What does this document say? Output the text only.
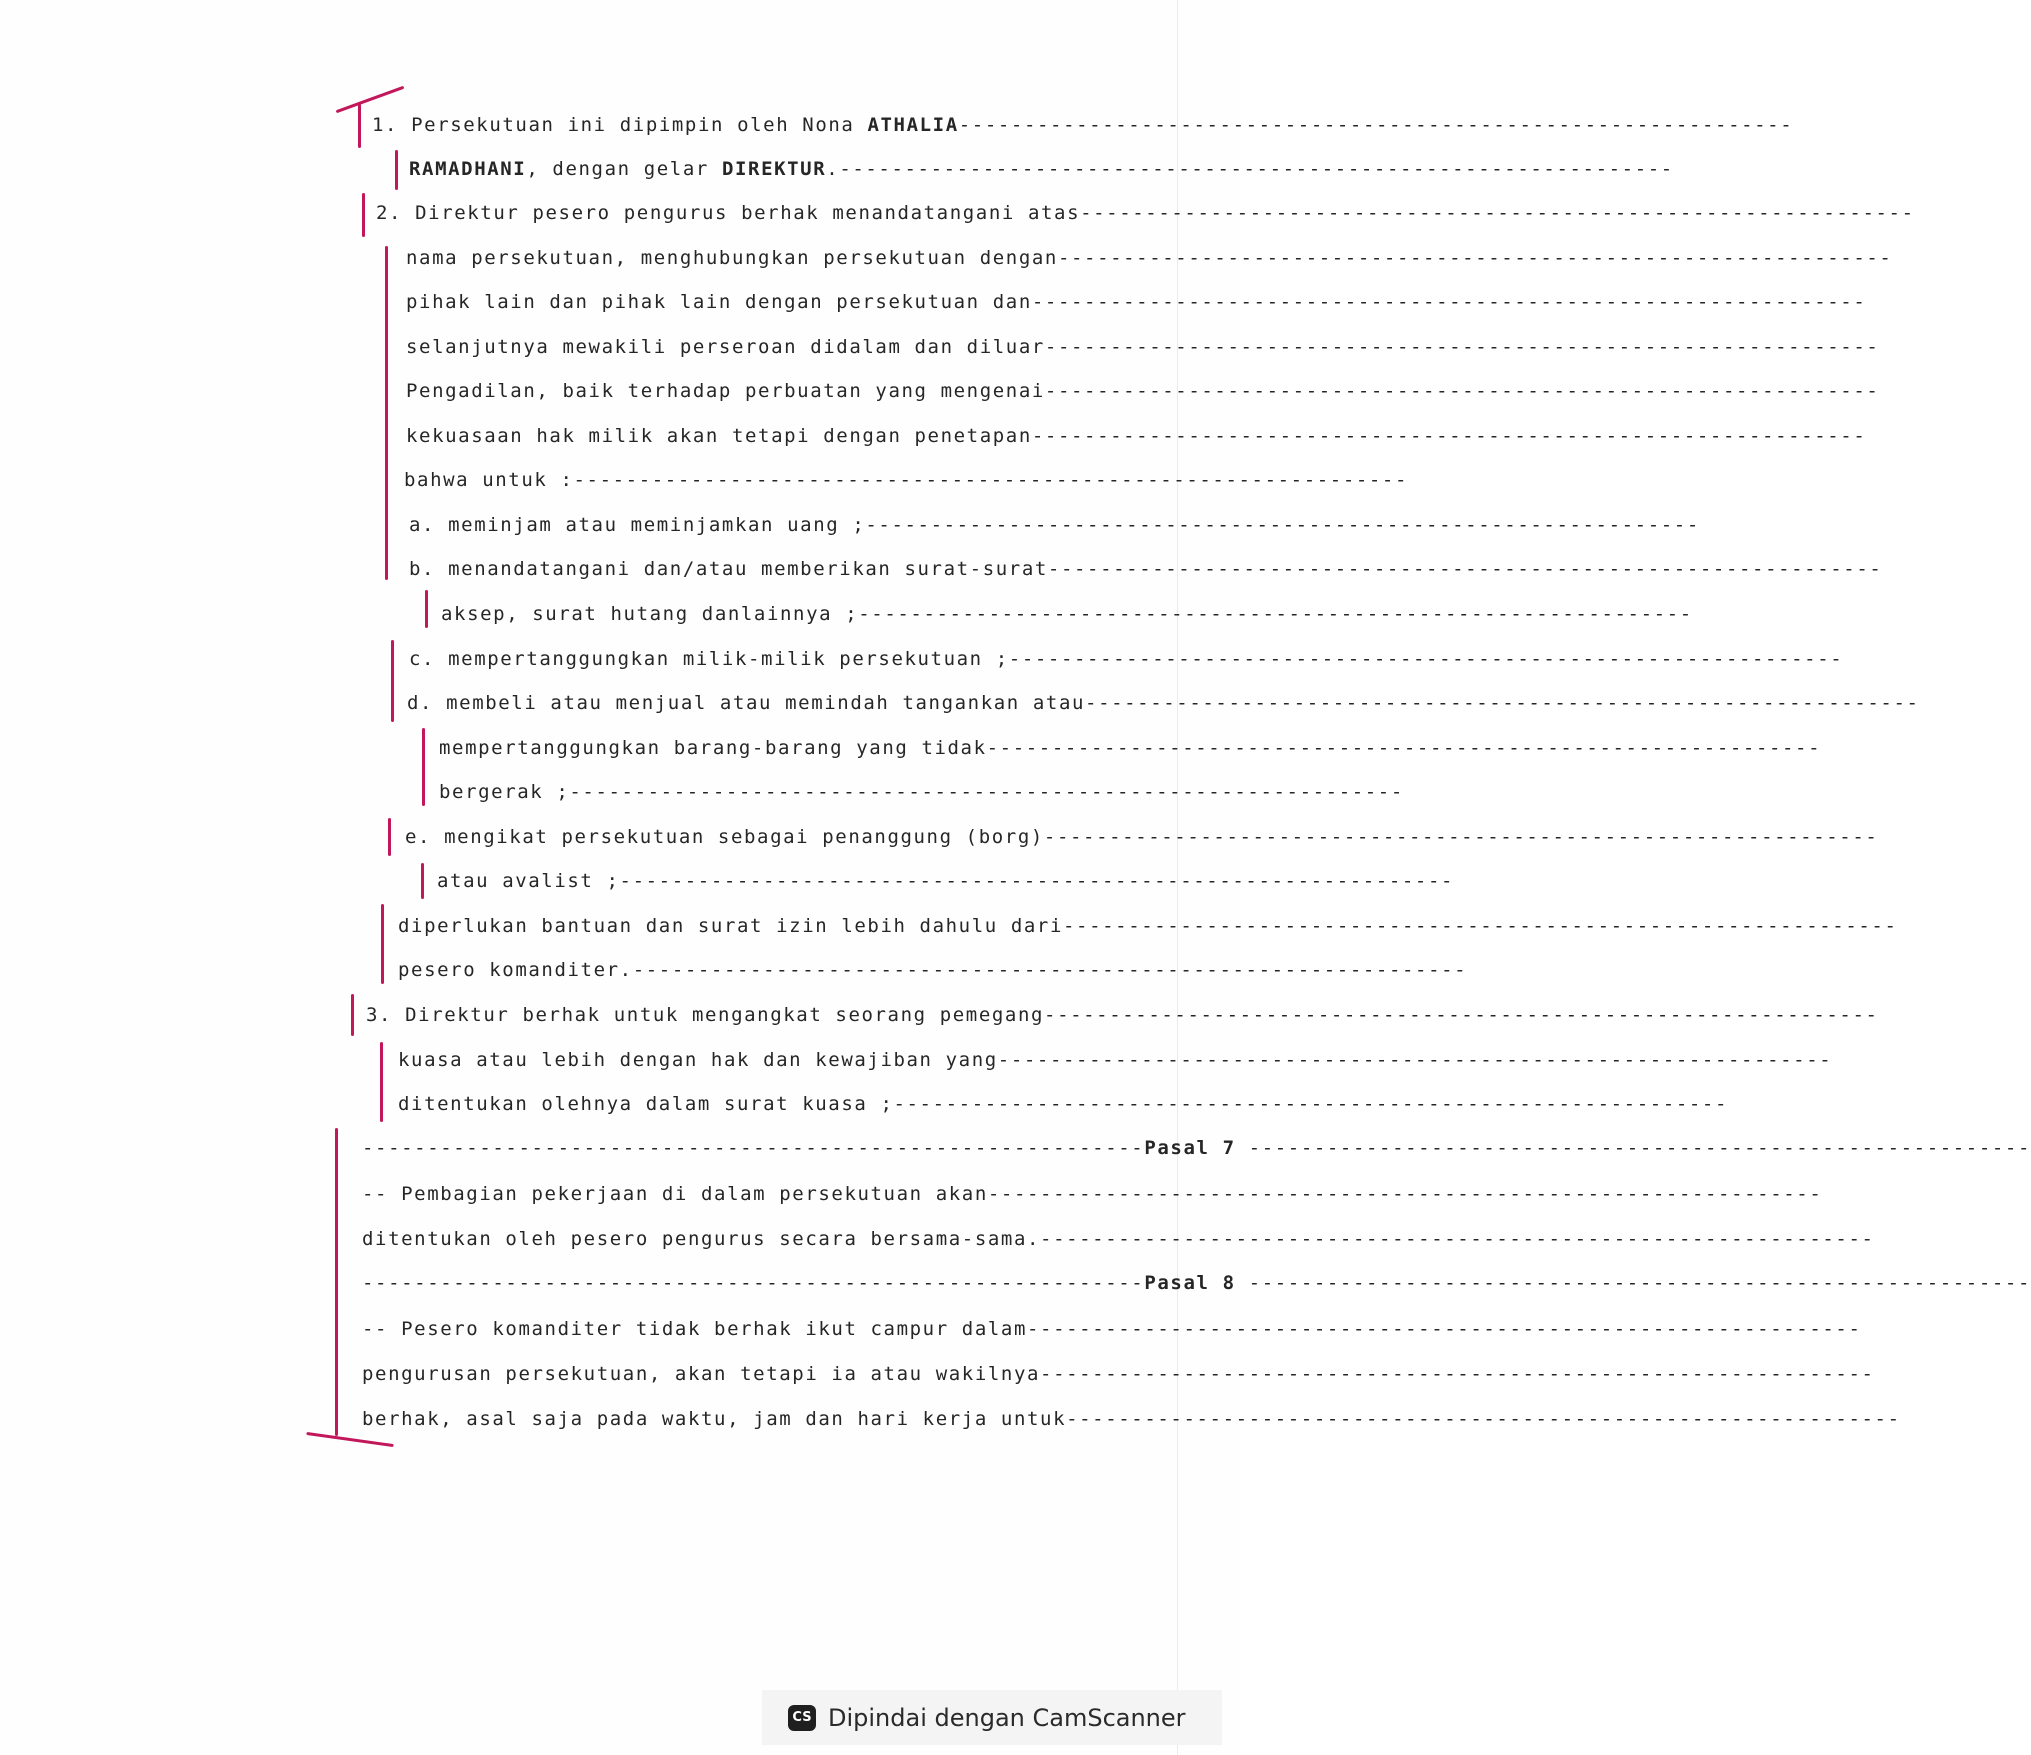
1. Persekutuan ini dipimpin oleh Nona ATHALIA ----------------------------------------------------------------
RAMADHANI , dengan gelar DIREKTUR . ----------------------------------------------------------------
2. Direktur pesero pengurus berhak menandatangani atas ----------------------------------------------------------------
nama persekutuan, menghubungkan persekutuan dengan ----------------------------------------------------------------
pihak lain dan pihak lain dengan persekutuan dan ----------------------------------------------------------------
selanjutnya mewakili perseroan didalam dan diluar ----------------------------------------------------------------
Pengadilan, baik terhadap perbuatan yang mengenai ----------------------------------------------------------------
kekuasaan hak milik akan tetapi dengan penetapan ----------------------------------------------------------------
bahwa untuk : ----------------------------------------------------------------
a. meminjam atau meminjamkan uang ; ----------------------------------------------------------------
b. menandatangani dan/atau memberikan surat-surat ----------------------------------------------------------------
aksep, surat hutang danlainnya ; ----------------------------------------------------------------
c. mempertanggungkan milik-milik persekutuan ; ----------------------------------------------------------------
d. membeli atau menjual atau memindah tangankan atau ----------------------------------------------------------------
mempertanggungkan barang-barang yang tidak ----------------------------------------------------------------
bergerak ; ----------------------------------------------------------------
e. mengikat persekutuan sebagai penanggung (borg) ----------------------------------------------------------------
atau avalist ; ----------------------------------------------------------------
diperlukan bantuan dan surat izin lebih dahulu dari ----------------------------------------------------------------
pesero komanditer. ----------------------------------------------------------------
3. Direktur berhak untuk mengangkat seorang pemegang ----------------------------------------------------------------
kuasa atau lebih dengan hak dan kewajiban yang ----------------------------------------------------------------
ditentukan olehnya dalam surat kuasa ; ----------------------------------------------------------------
------------------------------------------------------------ Pasal 7 ------------------------------------------------------------
-- Pembagian pekerjaan di dalam persekutuan akan ----------------------------------------------------------------
ditentukan oleh pesero pengurus secara bersama-sama. ----------------------------------------------------------------
------------------------------------------------------------ Pasal 8 ------------------------------------------------------------
-- Pesero komanditer tidak berhak ikut campur dalam ----------------------------------------------------------------
pengurusan persekutuan, akan tetapi ia atau wakilnya ----------------------------------------------------------------
berhak, asal saja pada waktu, jam dan hari kerja untuk ----------------------------------------------------------------
CS Dipindai dengan CamScanner
